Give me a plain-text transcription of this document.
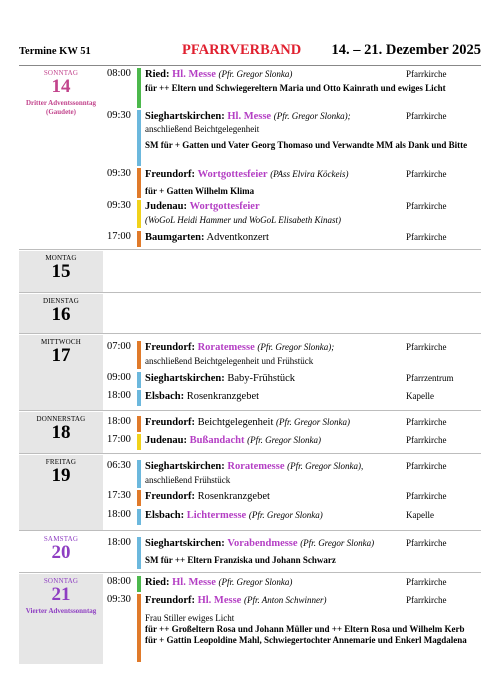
Termine KW 51	PFARRVERBAND 14. – 21. Dezember 2025
SONNTAG
14
Dritter Adventssonntag (Gaudete)
08:00	Ried: Hl. Messe (Pfr. Gregor Slonka)	Pfarrkirche
für ++ Eltern und Schwiegereltern Maria und Otto Kainrath und ewiges Licht
09:30	Sieghartskirchen: Hl. Messe (Pfr. Gregor Slonka);	Pfarrkirche
anschließend Beichtgelegenheit
SM für + Gatten und Vater Georg Thomaso und Verwandte MM als Dank und Bitte
09:30	Freundorf: Wortgottesfeier (PAss Elvira Köckeis)	Pfarrkirche
für + Gatten Wilhelm Klima
09:30	Judenau: Wortgottesfeier	Pfarrkirche
(WoGoL Heidi Hammer und WoGoL Elisabeth Kinast)
17:00	Baumgarten: Adventkonzert	Pfarrkirche
MONTAG
15
DIENSTAG
16
MITTWOCH
17	07:00	Freundorf: Roratemesse (Pfr. Gregor Slonka);	Pfarrkirche
anschließend Beichtgelegenheit und Frühstück
09:00	Sieghartskirchen: Baby-Frühstück	Pfarrzentrum
18:00	Elsbach: Rosenkranzgebet	Kapelle
DONNERSTAG
18
18:00	Freundorf: Beichtgelegenheit (Pfr. Gregor Slonka)	Pfarrkirche
17:00	Judenau: Bußandacht (Pfr. Gregor Slonka)	Pfarrkirche
FREITAG
19	06:30	Sieghartskirchen: Roratemesse (Pfr. Gregor Slonka),	Pfarrkirche
anschließend Frühstück
17:30	Freundorf: Rosenkranzgebet	Pfarrkirche
18:00	Elsbach: Lichtermesse (Pfr. Gregor Slonka)	Kapelle
SAMSTAG
20	18:00	Sieghartskirchen: Vorabendmesse (Pfr. Gregor Slonka)	Pfarrkirche
SM für ++ Eltern Franziska und Johann Schwarz
SONNTAG
21
Vierter Adventssonntag
08:00	Ried: Hl. Messe (Pfr. Gregor Slonka)	Pfarrkirche
09:30	Freundorf: Hl. Messe (Pfr. Anton Schwinner)	Pfarrkirche
Frau Stiller ewiges Licht
für ++ Großeltern Rosa und Johann Müller und ++ Eltern Rosa und Wilhelm Kerb für + Gattin Leopoldine Mahl, Schwiegertochter Annemarie und Enkerl Magdalena
